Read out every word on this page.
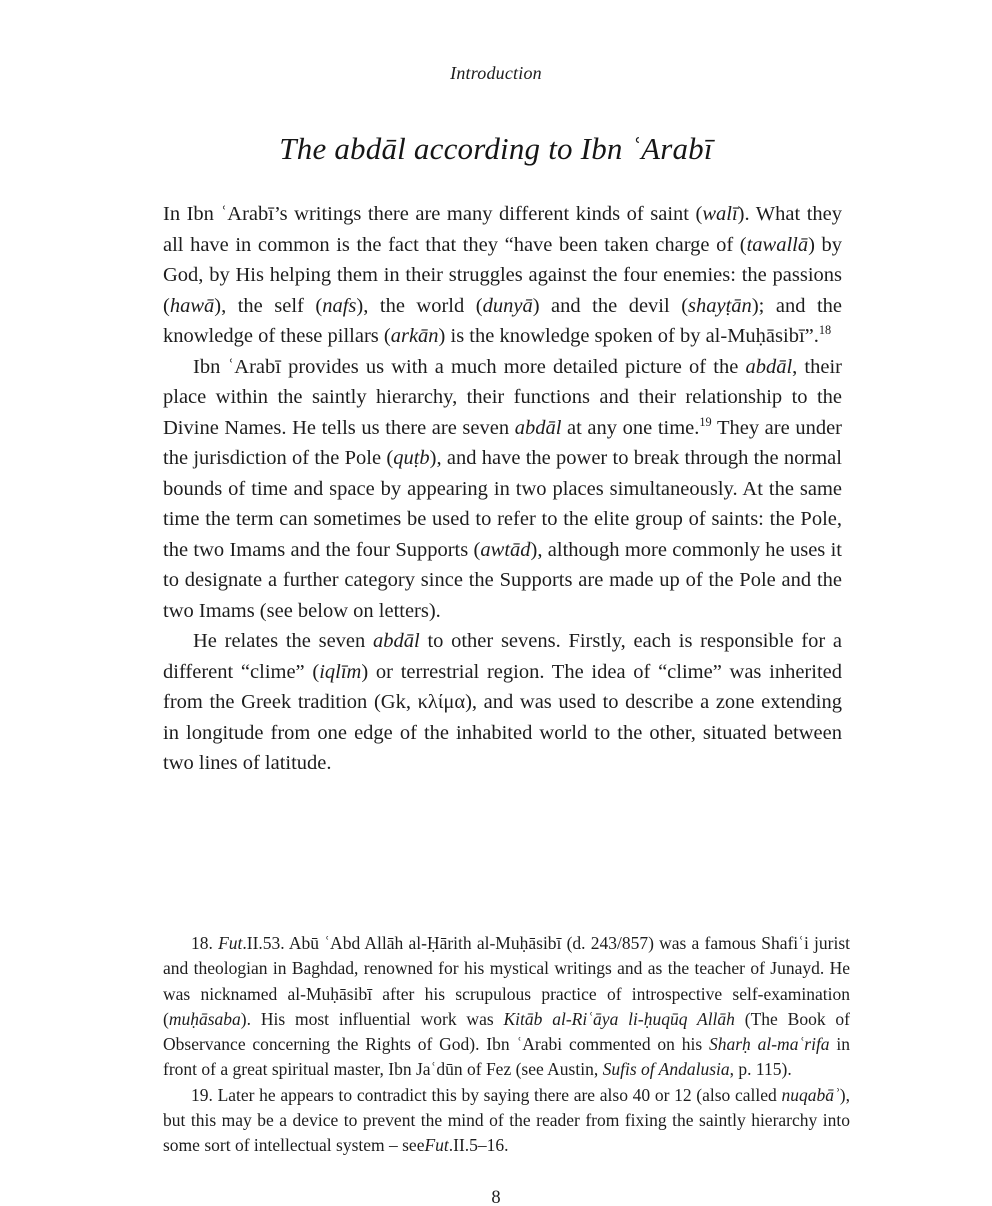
Introduction
The abdāl according to Ibn ʿArabī

In Ibn ʿArabī’s writings there are many different kinds of saint (walī). What they all have in common is the fact that they “have been taken charge of (tawallā) by God, by His helping them in their struggles against the four enemies: the passions (hawā), the self (nafs), the world (dunyā) and the devil (shayṭān); and the knowledge of these pillars (arkān) is the knowledge spoken of by al-Muḥāsibī”.$^{18}$

Ibn ʿArabī provides us with a much more detailed picture of the abdāl, their place within the saintly hierarchy, their functions and their relationship to the Divine Names. He tells us there are seven abdāl at any one time.$^{19}$ They are under the jurisdiction of the Pole (quṭb), and have the power to break through the normal bounds of time and space by appearing in two places simultaneously. At the same time the term can sometimes be used to refer to the elite group of saints: the Pole, the two Imams and the four Supports (awtād), although more commonly he uses it to designate a further category since the Supports are made up of the Pole and the two Imams (see below on letters).

He relates the seven abdāl to other sevens. Firstly, each is responsible for a different “clime” (iqlīm) or terrestrial region. The idea of “clime” was inherited from the Greek tradition (Gk, κλίμα), and was used to describe a zone extending in longitude from one edge of the inhabited world to the other, situated between two lines of latitude.

18. Fut.II.53. Abū ʿAbd Allāh al-Ḥārith al-Muḥāsibī (d. 243/857) was a famous Shafiʿi jurist and theologian in Baghdad, renowned for his mystical writings and as the teacher of Junayd. He was nicknamed al-Muḥāsibī after his scrupulous practice of introspective self-examination (muḥāsaba). His most influential work was Kitāb al-Riʿāya li-ḥuqūq Allāh (The Book of Observance concerning the Rights of God). Ibn ʿArabi commented on his Sharḥ al-maʿrifa in front of a great spiritual master, Ibn Jaʿdūn of Fez (see Austin, Sufis of Andalusia, p. 115).

19. Later he appears to contradict this by saying there are also 40 or 12 (also called nuqabāʾ), but this may be a device to prevent the mind of the reader from fixing the saintly hierarchy into some sort of intellectual system – seeFut.II.5–16.

8
